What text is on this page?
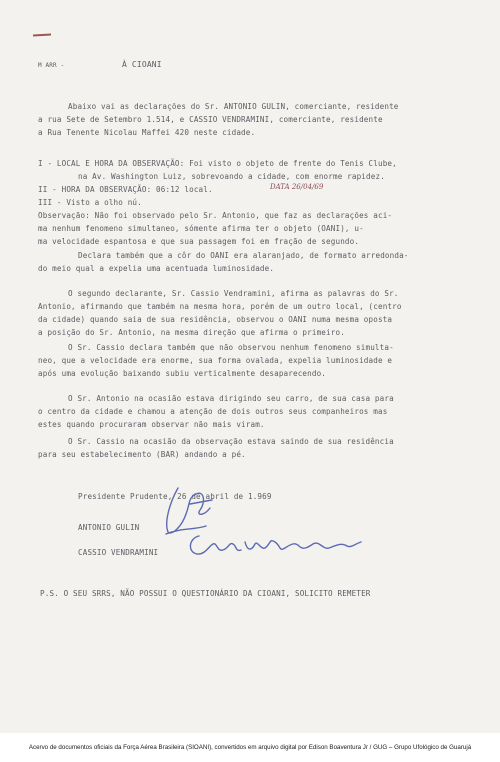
M ARR -	À CIOANI
Abaixo vai as declarações do Sr. ANTONIO GULIN, comerciante, residente
a rua Sete de Setembro 1.514, e CASSIO VENDRAMINI, comerciante, residente
a Rua Tenente Nicolau Maffei 420 neste cidade.
I - LOCAL E HORA DA OBSERVAÇÃO: Foi visto o objeto de frente do Tenis Clube,
na Av. Washington Luiz, sobrevoando a cidade, com enorme rapidez.
II - HORA DA OBSERVAÇÃO: 06:12 local.	DATA 26/04/69
III - Visto a olho nú.
Observação: Não foi observado pelo Sr. Antonio, que faz as declarações aci-
ma nenhum fenomeno simultaneo, sómente afirma ter o objeto (OANI), u-
ma velocidade espantosa e que sua passagem foi em fração de segundo.
Declara também que a côr do OANI era alaranjado, de formato arredonda-
do meio qual a expelia uma acentuada luminosidade.
O segundo declarante, Sr. Cassio Vendramini, afirma as palavras do Sr.
Antonio, afirmando que também na mesma hora, porém de um outro local, (centro
da cidade) quando saia de sua residência, observou o OANI numa mesma oposta
a posição do Sr. Antonio, na mesma direção que afirma o primeiro.
O Sr. Cassio declara também que não observou nenhum fenomeno simulta-
neo, que a velocidade era enorme, sua forma ovalada, expelia luminosidade e
após uma evolução baixando subiu verticalmente desaparecendo.
O Sr. Antonio na ocasião estava dirigindo seu carro, de sua casa para
o centro da cidade e chamou a atenção de dois outros seus companheiros mas
estes quando procuraram observar não mais viram.
O Sr. Cassio na ocasião da observação estava saindo de sua residência
para seu estabelecimento (BAR) andando a pé.
Presidente Prudente, 26 de abril de 1.969
ANTONIO GULIN
CASSIO VENDRAMINI
P.S. O SEU SRRS, NÃO POSSUI O QUESTIONÁRIO DA CIOANI, SOLICITO REMETER
Acervo de documentos oficiais da Força Aérea Brasileira (SIOANI), convertidos em arquivo digital por Edison Boaventura Jr / GUG – Grupo Ufológico de Guarujá
